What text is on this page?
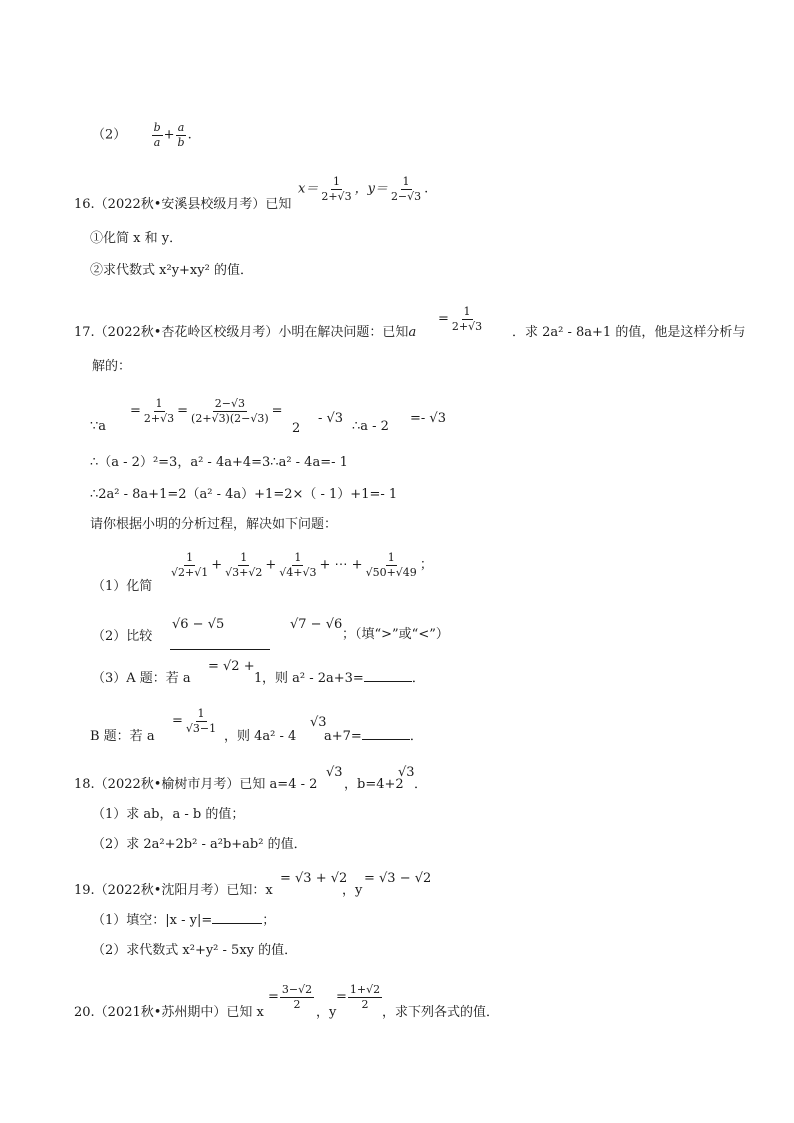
$(2) \frac{b}{a} + \frac{a}{b}$ .
16.（2022秋•安溪县校级月考）已知
$x= \frac{1}{2+√3}$ ，$y= \frac{1}{2-√3}$ .
①化简 x 和 y．
②求代数式 x²y+xy² 的值．
17.（2022秋•杏花岭区校级月考）小明在解决问题：已知a
= $\frac{1}{2+√3}$
．求 2a² - 8a+1 的值，他是这样分析与
解的：
∵a
= $\frac{1}{2+√3} = \frac{2-√3}{(2+√3)(2-√3)}$ =
2
- √3
∴a - 2
=- √3
∴（a - 2）²=3，a² - 4a+4=3∴a² - 4a=- 1
∴2a² - 8a+1=2（a² - 4a）+1=2×（ - 1）+1=- 1
请你根据小明的分析过程，解决如下问题：
（1）化简
$\frac{1}{√2+√1} + \frac{1}{√3+√2} + \frac{1}{√4+√3}$ + ⋯ + $\frac{1}{√50+√49}$ ；
（2）比较
√6 − √5	√7 − √6
；（填“>”或“<”）
（3）A 题：若 a
= √2 +
1 ，则 a² - 2a+3=	．
B 题：若 a
= $\frac{1}{√3-1}$
，则 4a² - 4
√3
a+7=	．
18.（2022秋•榆树市月考）已知 a=4 - 2
√3
，b=4+2
√3
．
（1）求 ab，a - b 的值；
（2）求 2a²+2b² - a²b+ab² 的值．
19.（2022秋•沈阳月考）已知：x
= √3 + √2
，y
= √3 − √2
（1）填空：|x - y|=	；
（2）求代数式 x²+y² - 5xy 的值．
20.（2021秋•苏州期中）已知 x
= $\frac{3-√2}{2}$
，y
= $\frac{1+√2}{2}$
，求下列各式的值．
